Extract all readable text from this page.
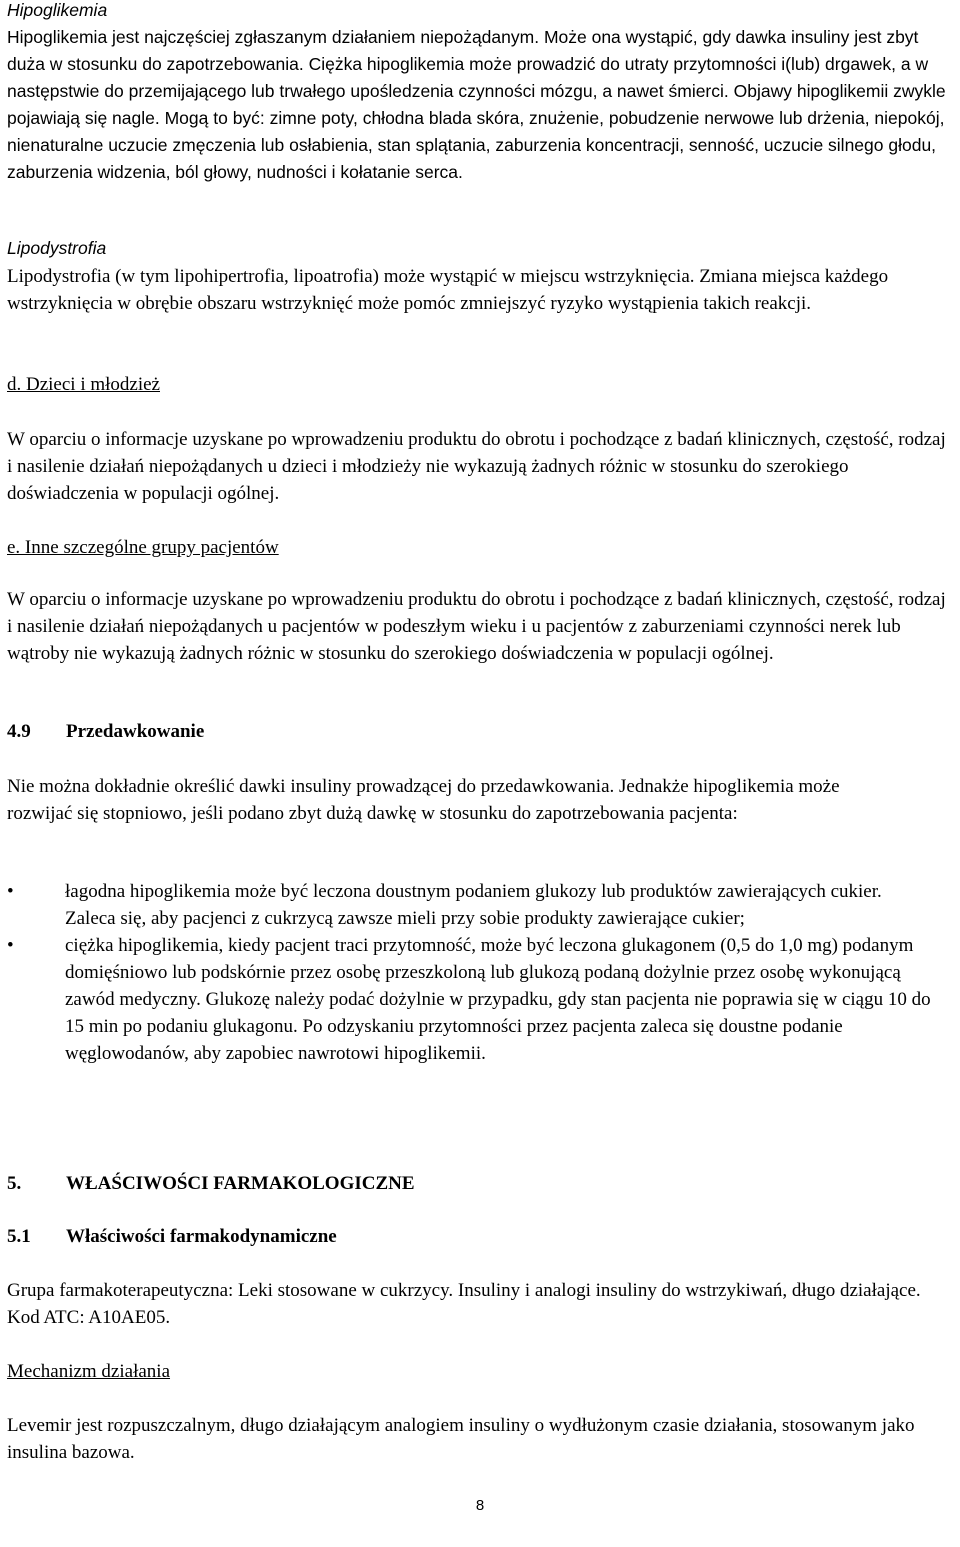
Hipoglikemia

Hipoglikemia jest najczęściej zgłaszanym działaniem niepożądanym. Może ona wystąpić, gdy dawka insuliny jest zbyt duża w stosunku do zapotrzebowania. Ciężka hipoglikemia może prowadzić do utraty przytomności i(lub) drgawek, a w następstwie do przemijającego lub trwałego upośledzenia czynności mózgu, a nawet śmierci. Objawy hipoglikemii zwykle pojawiają się nagle. Mogą to być: zimne poty, chłodna blada skóra, znużenie, pobudzenie nerwowe lub drżenia, niepokój, nienaturalne uczucie zmęczenia lub osłabienia, stan splątania, zaburzenia koncentracji, senność, uczucie silnego głodu, zaburzenia widzenia, ból głowy, nudności i kołatanie serca.

Lipodystrofia

Lipodystrofia (w tym lipohipertrofia, lipoatrofia) może wystąpić w miejscu wstrzyknięcia. Zmiana miejsca każdego wstrzyknięcia w obrębie obszaru wstrzyknięć może pomóc zmniejszyć ryzyko wystąpienia takich reakcji.

d. Dzieci i młodzież

W oparciu o informacje uzyskane po wprowadzeniu produktu do obrotu i pochodzące z badań klinicznych, częstość, rodzaj i nasilenie działań niepożądanych u dzieci i młodzieży nie wykazują żadnych różnic w stosunku do szerokiego doświadczenia w populacji ogólnej.

e. Inne szczególne grupy pacjentów

W oparciu o informacje uzyskane po wprowadzeniu produktu do obrotu i pochodzące z badań klinicznych, częstość, rodzaj i nasilenie działań niepożądanych u pacjentów w podeszłym wieku i u pacjentów z zaburzeniami czynności nerek lub wątroby nie wykazują żadnych różnic w stosunku do szerokiego doświadczenia w populacji ogólnej.

4.9 Przedawkowanie

Nie można dokładnie określić dawki insuliny prowadzącej do przedawkowania. Jednakże hipoglikemia może rozwijać się stopniowo, jeśli podano zbyt dużą dawkę w stosunku do zapotrzebowania pacjenta:

•	łagodna hipoglikemia może być leczona doustnym podaniem glukozy lub produktów zawierających cukier. Zaleca się, aby pacjenci z cukrzycą zawsze mieli przy sobie produkty zawierające cukier;
•	ciężka hipoglikemia, kiedy pacjent traci przytomność, może być leczona glukagonem (0,5 do 1,0 mg) podanym domięśniowo lub podskórnie przez osobę przeszkoloną lub glukozą podaną dożylnie przez osobę wykonującą zawód medyczny. Glukozę należy podać dożylnie w przypadku, gdy stan pacjenta nie poprawia się w ciągu 10 do 15 min po podaniu glukagonu. Po odzyskaniu przytomności przez pacjenta zaleca się doustne podanie węglowodanów, aby zapobiec nawrotowi hipoglikemii.

5. WŁAŚCIWOŚCI FARMAKOLOGICZNE

5.1 Właściwości farmakodynamiczne

Grupa farmakoterapeutyczna: Leki stosowane w cukrzycy. Insuliny i analogi insuliny do wstrzykiwań, długo działające. Kod ATC: A10AE05.

Mechanizm działania

Levemir jest rozpuszczalnym, długo działającym analogiem insuliny o wydłużonym czasie działania, stosowanym jako insulina bazowa.

8
